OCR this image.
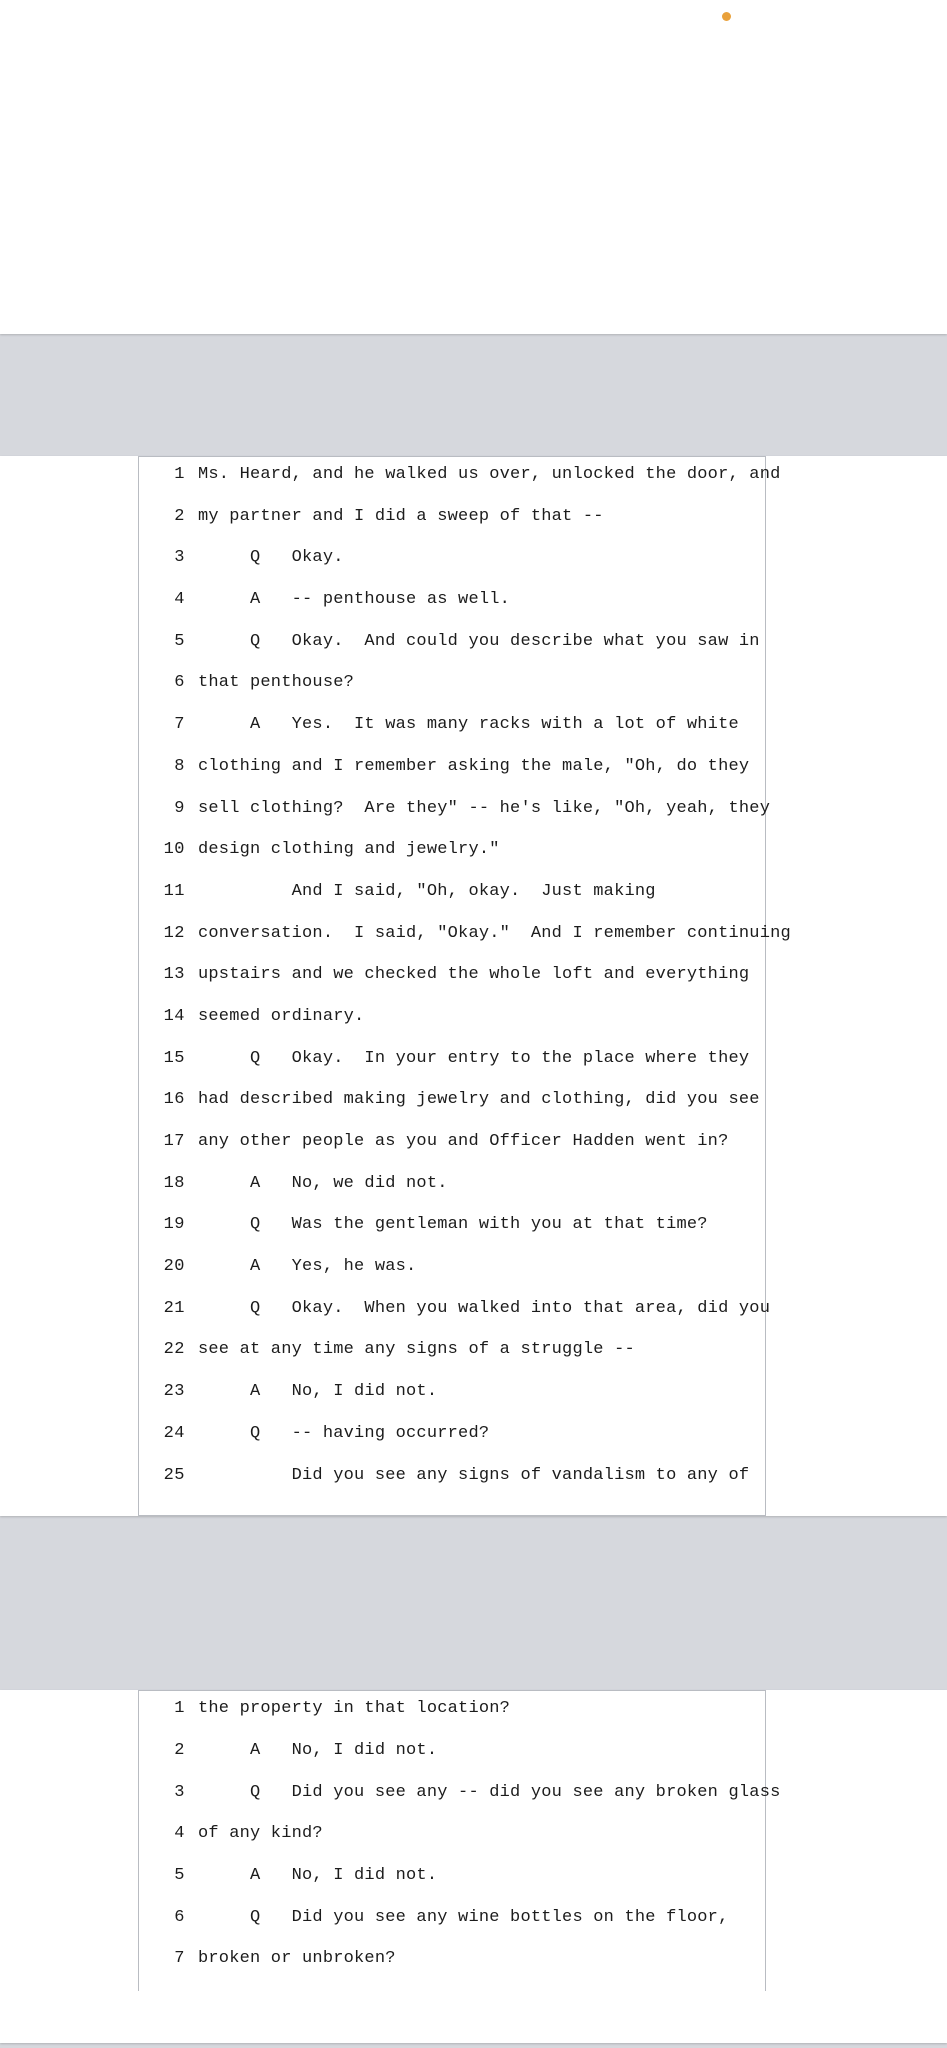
1 Ms. Heard, and he walked us over, unlocked the door, and
2 my partner and I did a sweep of that --
3 Q   Okay.
4 A   -- penthouse as well.
5 Q   Okay.  And could you describe what you saw in
6 that penthouse?
7 A   Yes.  It was many racks with a lot of white
8 clothing and I remember asking the male, "Oh, do they
9 sell clothing?  Are they" -- he's like, "Oh, yeah, they
10 design clothing and jewelry."
11 And I said, "Oh, okay.  Just making
12 conversation.  I said, "Okay."  And I remember continuing
13 upstairs and we checked the whole loft and everything
14 seemed ordinary.
15 Q   Okay.  In your entry to the place where they
16 had described making jewelry and clothing, did you see
17 any other people as you and Officer Hadden went in?
18 A   No, we did not.
19 Q   Was the gentleman with you at that time?
20 A   Yes, he was.
21 Q   Okay.  When you walked into that area, did you
22 see at any time any signs of a struggle --
23 A   No, I did not.
24 Q   -- having occurred?
25 Did you see any signs of vandalism to any of
1 the property in that location?
2 A   No, I did not.
3 Q   Did you see any -- did you see any broken glass
4 of any kind?
5 A   No, I did not.
6 Q   Did you see any wine bottles on the floor,
7 broken or unbroken?
